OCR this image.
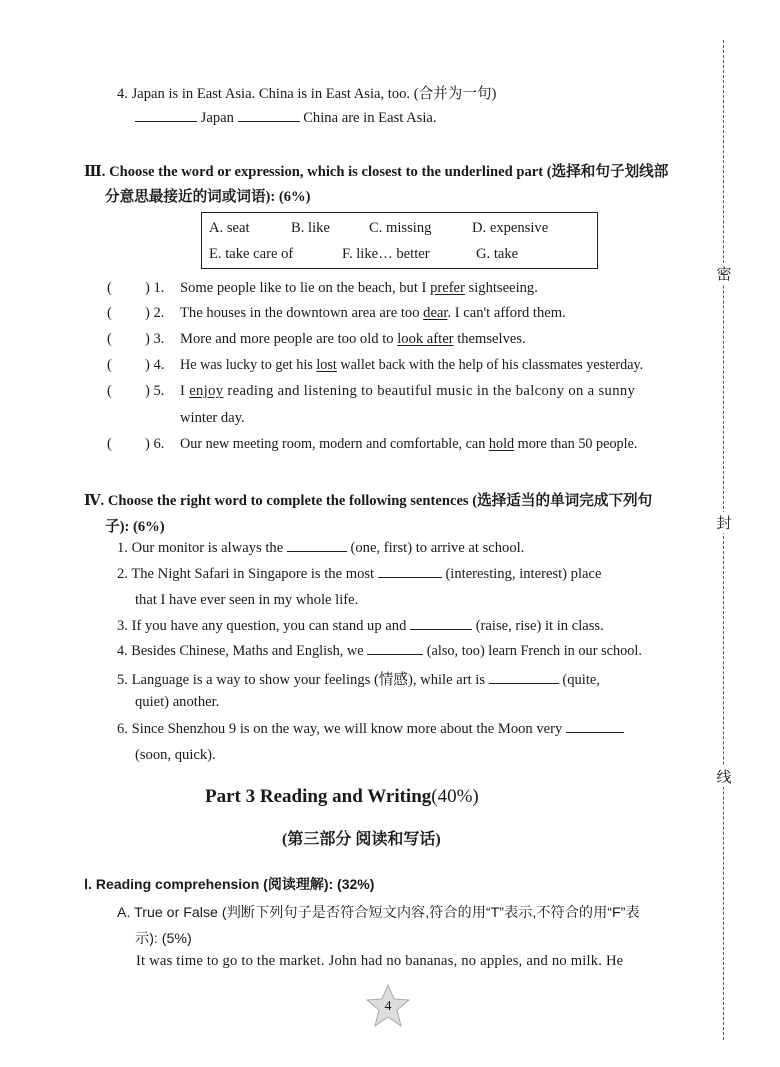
密
封
线
4. Japan is in East Asia. China is in East Asia, too. (合并为一句)
Japan	China are in East Asia.
Ⅲ. Choose the word or expression, which is closest to the underlined part (选择和句子划线部
分意思最接近的词或词语): (6%)
A. seat	B. like	C. missing	D. expensive
E. take care of	F. like… better	G. take
( ) 1. Some people like to lie on the beach, but I prefer sightseeing.
( ) 2. The houses in the downtown area are too dear. I can't afford them.
( ) 3. More and more people are too old to look after themselves.
( ) 4. He was lucky to get his lost wallet back with the help of his classmates yesterday.
( ) 5. I enjoy reading and listening to beautiful music in the balcony on a sunny
winter day.
( ) 6. Our new meeting room, modern and comfortable, can hold more than 50 people.
Ⅳ. Choose the right word to complete the following sentences (选择适当的单词完成下列句
子): (6%)
1. Our monitor is always the	(one, first) to arrive at school.
2. The Night Safari in Singapore is the most	(interesting, interest) place
that I have ever seen in my whole life.
3. If you have any question, you can stand up and	(raise, rise) it in class.
4. Besides Chinese, Maths and English, we	(also, too) learn French in our school.
5. Language is a way to show your feelings (情感), while art is	(quite,
quiet) another.
6. Since Shenzhou 9 is on the way, we will know more about the Moon very
(soon, quick).
Part 3 Reading and Writing(40%)
(第三部分 阅读和写话)
Ⅰ. Reading comprehension (阅读理解): (32%)
A. True or False (判断下列句子是否符合短文内容,符合的用“T”表示,不符合的用“F”表
示): (5%)
It was time to go to the market. John had no bananas, no apples, and no milk. He
4
